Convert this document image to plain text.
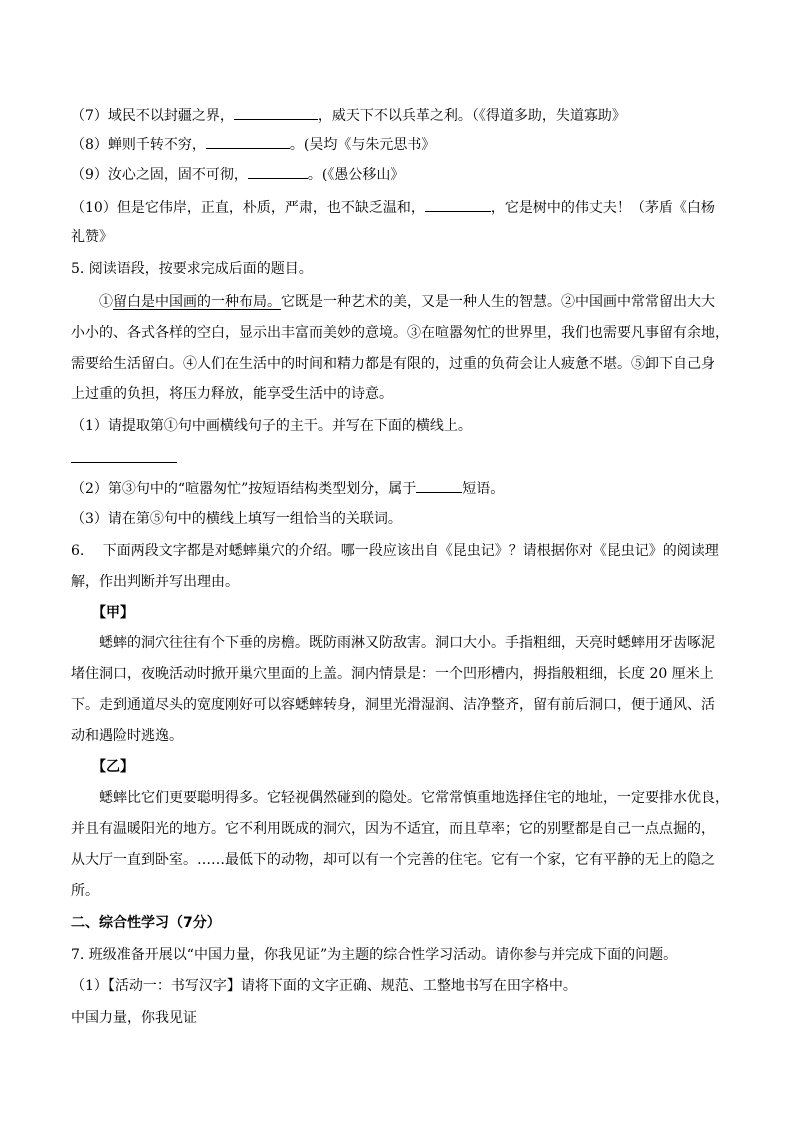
（7）域民不以封疆之界，	，威天下不以兵革之利。（《得道多助，失道寡助》
（8）蝉则千转不穷，	。(吴均《与朱元思书》
（9）汝心之固，固不可彻，	。(《愚公移山》
（10）但是它伟岸，正直，朴质，严肃，也不缺乏温和，	，它是树中的伟丈夫！（茅盾《白杨
礼赞》
5. 阅读语段，按要求完成后面的题目。
①留白是中国画的一种布局。它既是一种艺术的美，又是一种人生的智慧。②中国画中常常留出大大
小小的、各式各样的空白，显示出丰富而美妙的意境。③在喧嚣匆忙的世界里，我们也需要凡事留有余地，
需要给生活留白。④人们在生活中的时间和精力都是有限的，过重的负荷会让人疲惫不堪。⑤卸下自己身
上过重的负担，将压力释放，能享受生活中的诗意。
（1）请提取第①句中画横线句子的主干。并写在下面的横线上。
（2）第③句中的“喧嚣匆忙”按短语结构类型划分，属于	短语。
（3）请在第⑤句中的横线上填写一组恰当的关联词。
6.　 下面两段文字都是对蟋蟀巢穴的介绍。哪一段应该出自《昆虫记》？请根据你对《昆虫记》的阅读理
解，作出判断并写出理由。
【甲】
蟋蟀的洞穴往往有个下垂的房檐。既防雨淋又防敌害。洞口大小。手指粗细，天亮时蟋蟀用牙齿啄泥
堵住洞口，夜晚活动时掀开巢穴里面的上盖。洞内情景是：一个凹形槽内，拇指般粗细，长度 20 厘米上
下。走到通道尽头的宽度刚好可以容蟋蟀转身，洞里光滑湿润、洁净整齐，留有前后洞口，便于通风、活
动和遇险时逃逸。
【乙】
蟋蟀比它们更要聪明得多。它轻视偶然碰到的隐处。它常常慎重地选择住宅的地址，一定要排水优良，
并且有温暖阳光的地方。它不利用既成的洞穴，因为不适宜，而且草率；它的别墅都是自己一点点掘的，
从大厅一直到卧室。……最低下的动物，却可以有一个完善的住宅。它有一个家，它有平静的无上的隐之
所。
二、综合性学习（7分）
7. 班级准备开展以“中国力量，你我见证”为主题的综合性学习活动。请你参与并完成下面的问题。
（1）【活动一：书写汉字】请将下面的文字正确、规范、工整地书写在田字格中。
中国力量，你我见证
